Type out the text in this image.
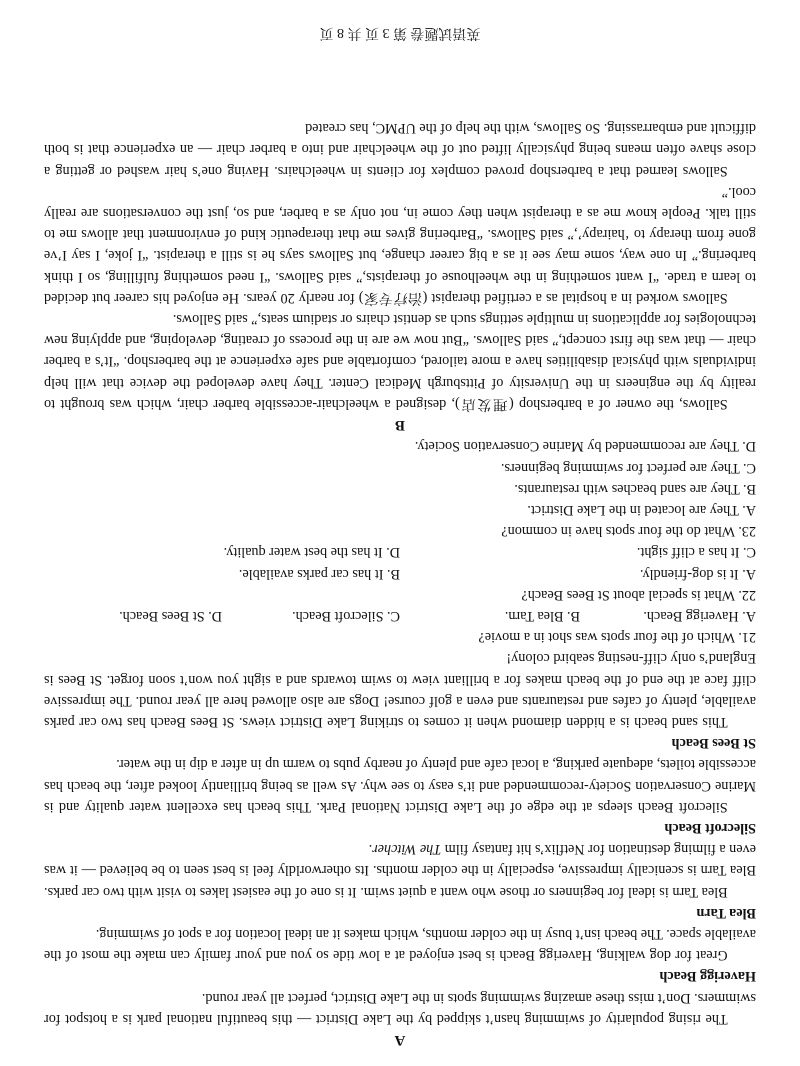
A

The rising popularity of swimming hasn’t skipped by the Lake District — this beautiful national park is a hotspot for swimmers. Don’t miss these amazing swimming spots in the Lake District, perfect all year round.

Haverigg Beach

Great for dog walking, Haverigg Beach is best enjoyed at a low tide so you and your family can make the most of the available space. The beach isn’t busy in the colder months, which makes it an ideal location for a spot of swimming.

Blea Tarn

Blea Tarn is ideal for beginners or those who want a quiet swim. It is one of the easiest lakes to visit with two car parks. Blea Tarn is scenically impressive, especially in the colder months. Its otherworldly feel is best seen to be believed — it was even a filming destination for Netflix’s hit fantasy film The Witcher.

Silecroft Beach

Silecroft Beach sleeps at the edge of the Lake District National Park. This beach has excellent water quality and is Marine Conservation Society-recommended and it’s easy to see why. As well as being brilliantly looked after, the beach has accessible toilets, adequate parking, a local cafe and plenty of nearby pubs to warm up in after a dip in the water.

St Bees Beach

This sand beach is a hidden diamond when it comes to striking Lake District views. St Bees Beach has two car parks available, plenty of cafes and restaurants and even a golf course! Dogs are also allowed here all year round. The impressive cliff face at the end of the beach makes for a brilliant view to swim towards and a sight you won’t soon forget. St Bees is England’s only cliff-nesting seabird colony!

21. Which of the four spots was shot in a movie?

A. Haverigg Beach.
B. Blea Tarn.
C. Silecroft Beach.
D. St Bees Beach.

22. What is special about St Bees Beach?

A. It is dog-friendly.
B. It has car parks available.
C. It has a cliff sight.
D. It has the best water quality.

23. What do the four spots have in common?

A. They are located in the Lake District.

B. They are sand beaches with restaurants.

C. They are perfect for swimming beginners.

D. They are recommended by Marine Conservation Society.

B

Sallows, the owner of a barbershop (理发店), designed a wheelchair-accessible barber chair, which was brought to reality by the engineers in the University of Pittsburgh Medical Center. They have developed the device that will help individuals with physical disabilities have a more tailored, comfortable and safe experience at the barbershop. “It’s a barber chair — that was the first concept,” said Sallows. “But now we are in the process of creating, developing, and applying new technologies for applications in multiple settings such as dentist chairs or stadium seats,” said Sallows.

Sallows worked in a hospital as a certified therapist (治疗专家) for nearly 20 years. He enjoyed his career but decided to learn a trade. “I want something in the wheelhouse of therapists,” said Sallows. “I need something fulfilling, so I think barbering.” In one way, some may see it as a big career change, but Sallows says he is still a therapist. “I joke, I say I’ve gone from therapy to ‘hairapy’,” said Sallows. “Barbering gives me that therapeutic kind of environment that allows me to still talk. People know me as a therapist when they come in, not only as a barber, and so, just the conversations are really cool.”

Sallows learned that a barbershop proved complex for clients in wheelchairs. Having one’s hair washed or getting a close shave often means being physically lifted out of the wheelchair and into a barber chair — an experience that is both difficult and embarrassing. So Sallows, with the help of the UPMC, has created

英语试题卷 第 3 页 共 8 页
